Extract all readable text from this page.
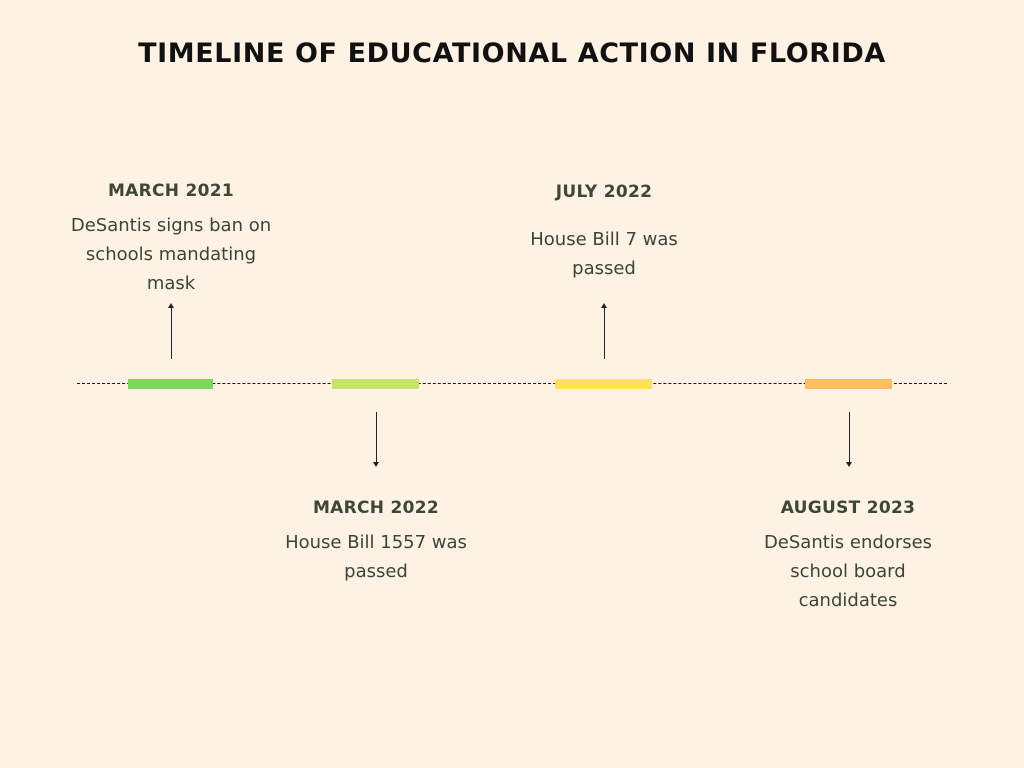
TIMELINE OF EDUCATIONAL ACTION IN FLORIDA
MARCH 2021
DeSantis signs ban on schools mandating mask
MARCH 2022
House Bill 1557 was passed
JULY 2022
House Bill 7 was passed
AUGUST 2023
DeSantis endorses school board candidates
